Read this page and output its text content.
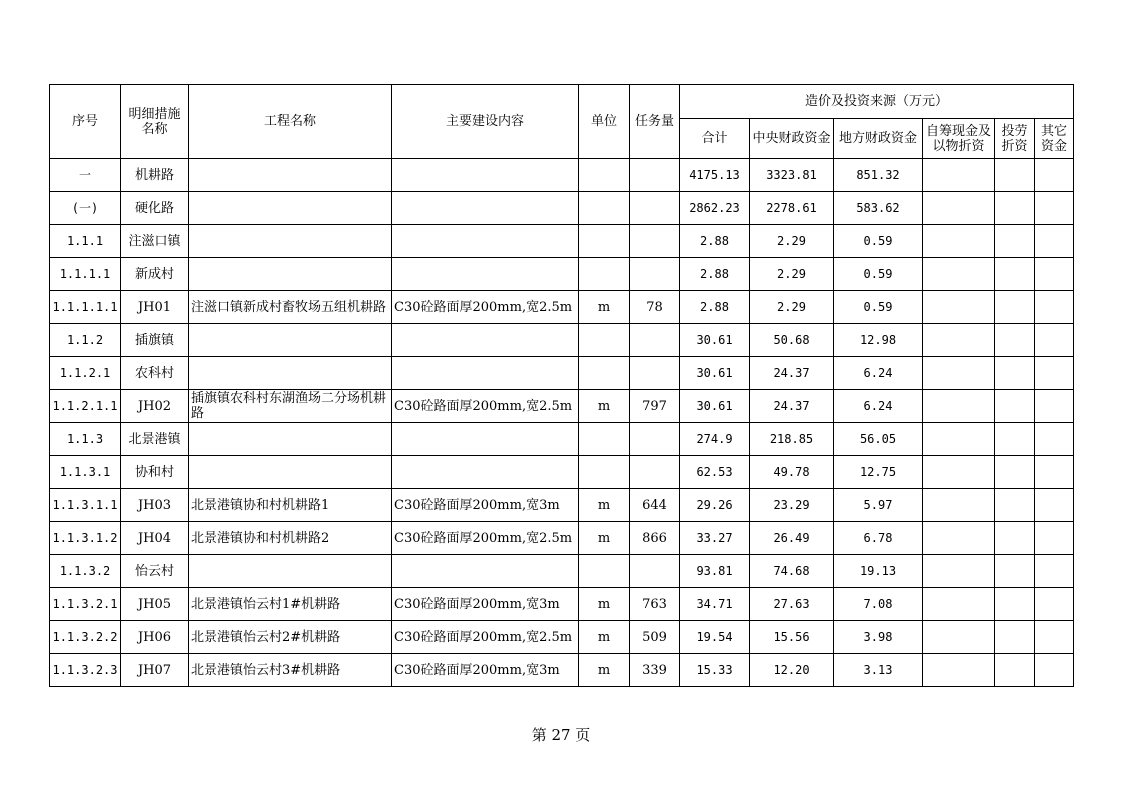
序号	明细措施名称	工程名称	主要建设内容	单位	任务量	造价及投资来源（万元）					
						合计	中央财政资金	地方财政资金	自筹现金及以物折资	投劳折资	其它资金
一	机耕路					4175.13	3323.81	851.32			
(一)	硬化路					2862.23	2278.61	583.62			
1.1.1	注滋口镇					2.88	2.29	0.59			
1.1.1.1	新成村					2.88	2.29	0.59			
1.1.1.1.1	JH01	注滋口镇新成村畜牧场五组机耕路	C30砼路面厚200mm,宽2.5m	m	78	2.88	2.29	0.59			
1.1.2	插旗镇					30.61	50.68	12.98			
1.1.2.1	农科村					30.61	24.37	6.24			
1.1.2.1.1	JH02	插旗镇农科村东湖渔场二分场机耕路	C30砼路面厚200mm,宽2.5m	m	797	30.61	24.37	6.24			
1.1.3	北景港镇					274.9	218.85	56.05			
1.1.3.1	协和村					62.53	49.78	12.75			
1.1.3.1.1	JH03	北景港镇协和村机耕路1	C30砼路面厚200mm,宽3m	m	644	29.26	23.29	5.97			
1.1.3.1.2	JH04	北景港镇协和村机耕路2	C30砼路面厚200mm,宽2.5m	m	866	33.27	26.49	6.78			
1.1.3.2	怡云村					93.81	74.68	19.13			
1.1.3.2.1	JH05	北景港镇怡云村1#机耕路	C30砼路面厚200mm,宽3m	m	763	34.71	27.63	7.08			
1.1.3.2.2	JH06	北景港镇怡云村2#机耕路	C30砼路面厚200mm,宽2.5m	m	509	19.54	15.56	3.98			
1.1.3.2.3	JH07	北景港镇怡云村3#机耕路	C30砼路面厚200mm,宽3m	m	339	15.33	12.20	3.13			
第 27 页
